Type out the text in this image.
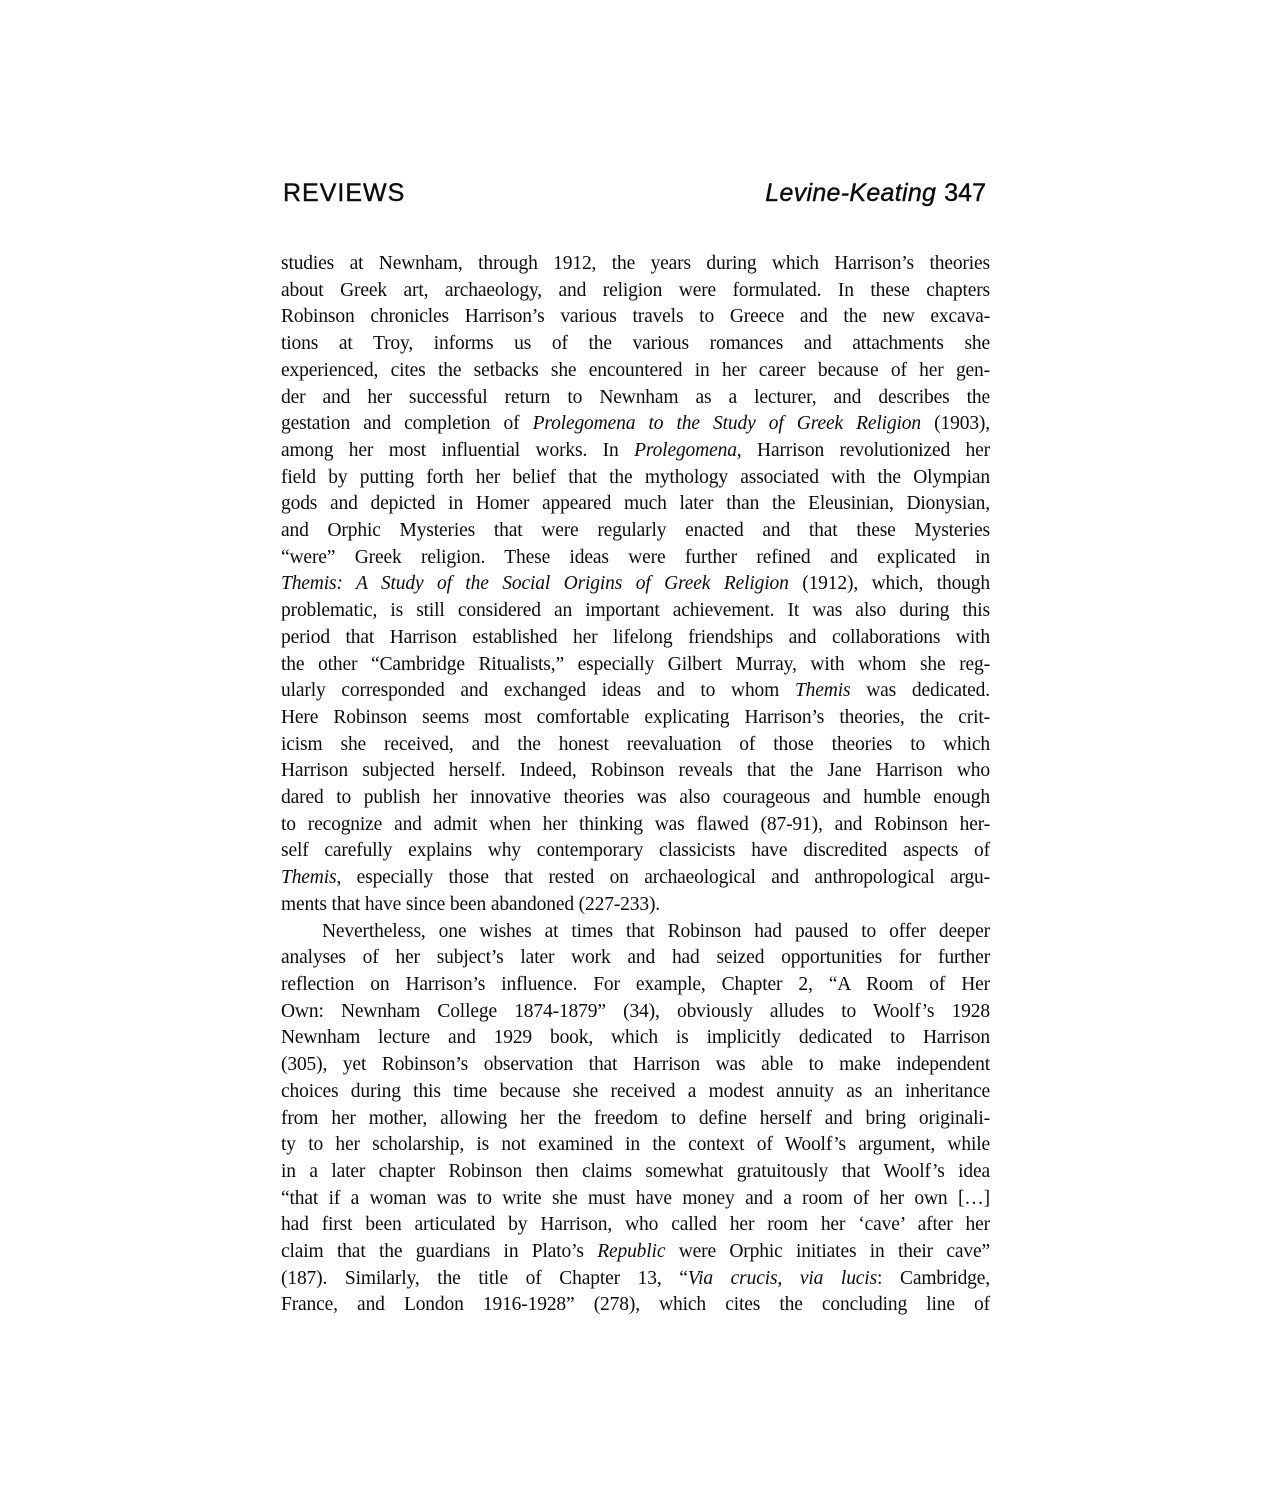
REVIEWS	Levine-Keating 347
studies at Newnham, through 1912, the years during which Harrison’s theories
about Greek art, archaeology, and religion were formulated. In these chapters
Robinson chronicles Harrison’s various travels to Greece and the new excava-
tions at Troy, informs us of the various romances and attachments she
experienced, cites the setbacks she encountered in her career because of her gen-
der and her successful return to Newnham as a lecturer, and describes the
gestation and completion of Prolegomena to the Study of Greek Religion (1903),
among her most influential works. In Prolegomena, Harrison revolutionized her
field by putting forth her belief that the mythology associated with the Olympian
gods and depicted in Homer appeared much later than the Eleusinian, Dionysian,
and Orphic Mysteries that were regularly enacted and that these Mysteries
“were” Greek religion. These ideas were further refined and explicated in
Themis: A Study of the Social Origins of Greek Religion (1912), which, though
problematic, is still considered an important achievement. It was also during this
period that Harrison established her lifelong friendships and collaborations with
the other “Cambridge Ritualists,” especially Gilbert Murray, with whom she reg-
ularly corresponded and exchanged ideas and to whom Themis was dedicated.
Here Robinson seems most comfortable explicating Harrison’s theories, the crit-
icism she received, and the honest reevaluation of those theories to which
Harrison subjected herself. Indeed, Robinson reveals that the Jane Harrison who
dared to publish her innovative theories was also courageous and humble enough
to recognize and admit when her thinking was flawed (87-91), and Robinson her-
self carefully explains why contemporary classicists have discredited aspects of
Themis, especially those that rested on archaeological and anthropological argu-
ments that have since been abandoned (227-233).
Nevertheless, one wishes at times that Robinson had paused to offer deeper
analyses of her subject’s later work and had seized opportunities for further
reflection on Harrison’s influence. For example, Chapter 2, “A Room of Her
Own: Newnham College 1874-1879” (34), obviously alludes to Woolf’s 1928
Newnham lecture and 1929 book, which is implicitly dedicated to Harrison
(305), yet Robinson’s observation that Harrison was able to make independent
choices during this time because she received a modest annuity as an inheritance
from her mother, allowing her the freedom to define herself and bring originali-
ty to her scholarship, is not examined in the context of Woolf’s argument, while
in a later chapter Robinson then claims somewhat gratuitously that Woolf’s idea
“that if a woman was to write she must have money and a room of her own […]
had first been articulated by Harrison, who called her room her ‘cave’ after her
claim that the guardians in Plato’s Republic were Orphic initiates in their cave”
(187). Similarly, the title of Chapter 13, “Via crucis, via lucis: Cambridge,
France, and London 1916-1928” (278), which cites the concluding line of
